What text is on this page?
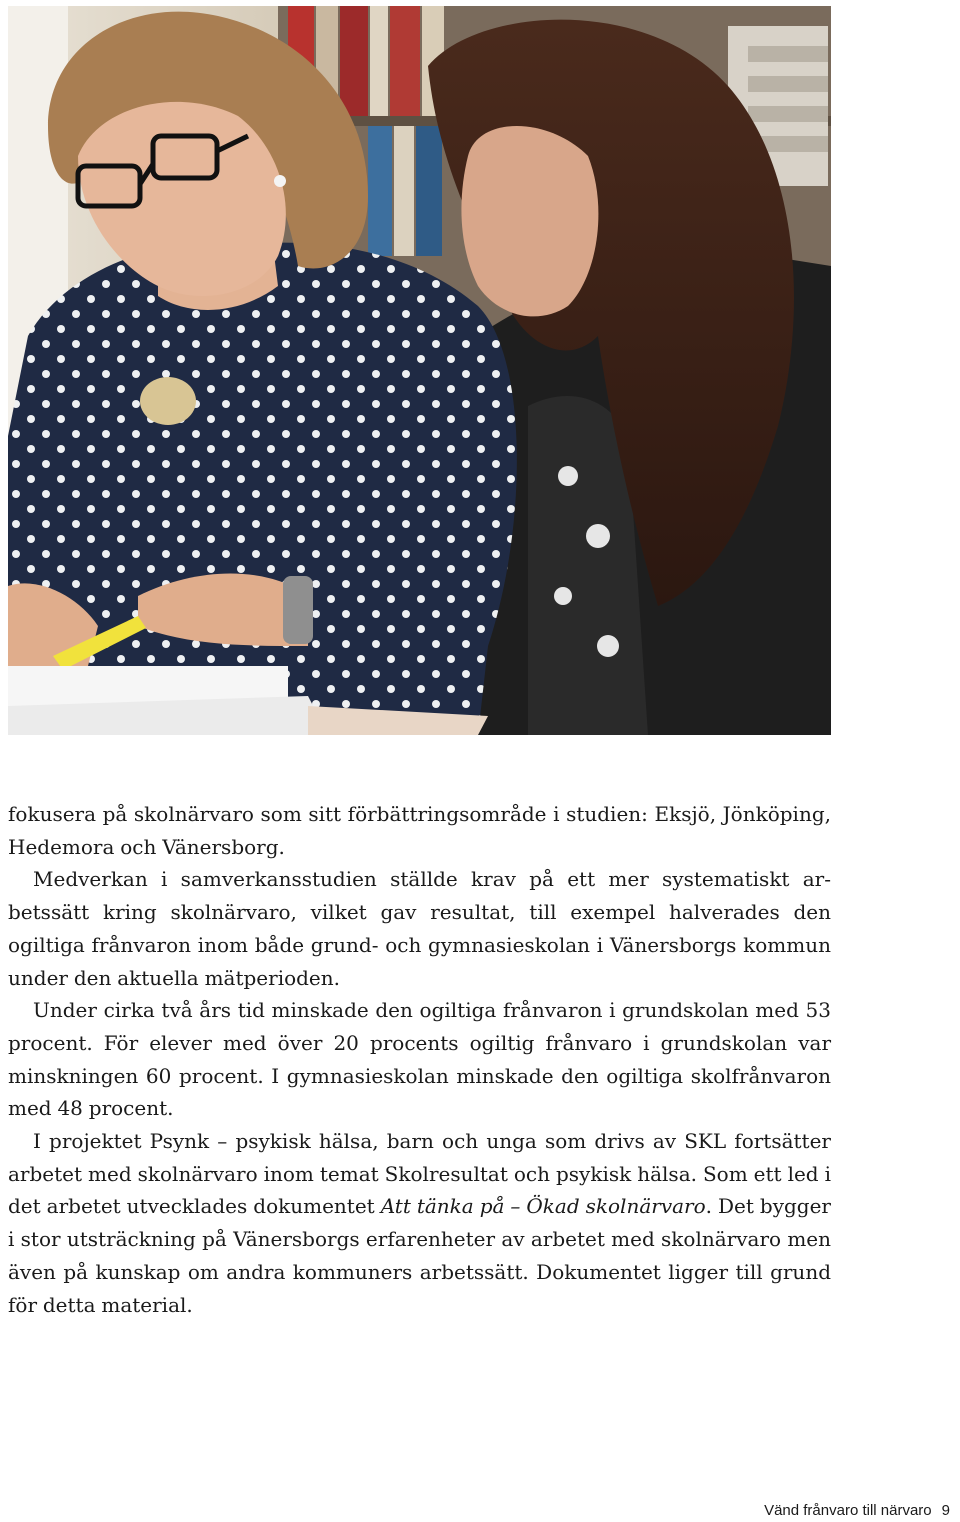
fokusera på skolnärvaro som sitt förbättringsområde i studien: Eksjö, Jönköping, Hedemora och Vänersborg.

Medverkan i samverkansstudien ställde krav på ett mer systematiskt arbetssätt kring skolnärvaro, vilket gav resultat, till exempel halverades den ogiltiga frånvaron inom både grund- och gymnasieskolan i Vänersborgs kommun under den aktuella mätperioden.

Under cirka två års tid minskade den ogiltiga frånvaron i grundskolan med 53 procent. För elever med över 20 procents ogiltig frånvaro i grundskolan var minskningen 60 procent. I gymnasieskolan minskade den ogiltiga skolfrånvaron med 48 procent.

I projektet Psynk – psykisk hälsa, barn och unga som drivs av SKL fortsätter arbetet med skolnärvaro inom temat Skolresultat och psykisk hälsa. Som ett led i det arbetet utvecklades dokumentet Att tänka på – Ökad skolnärvaro. Det bygger i stor utsträckning på Vänersborgs erfarenheter av arbetet med skolnärvaro men även på kunskap om andra kommuners arbetssätt. Dokumentet ligger till grund för detta material.

Vänd frånvaro till närvaro 9
